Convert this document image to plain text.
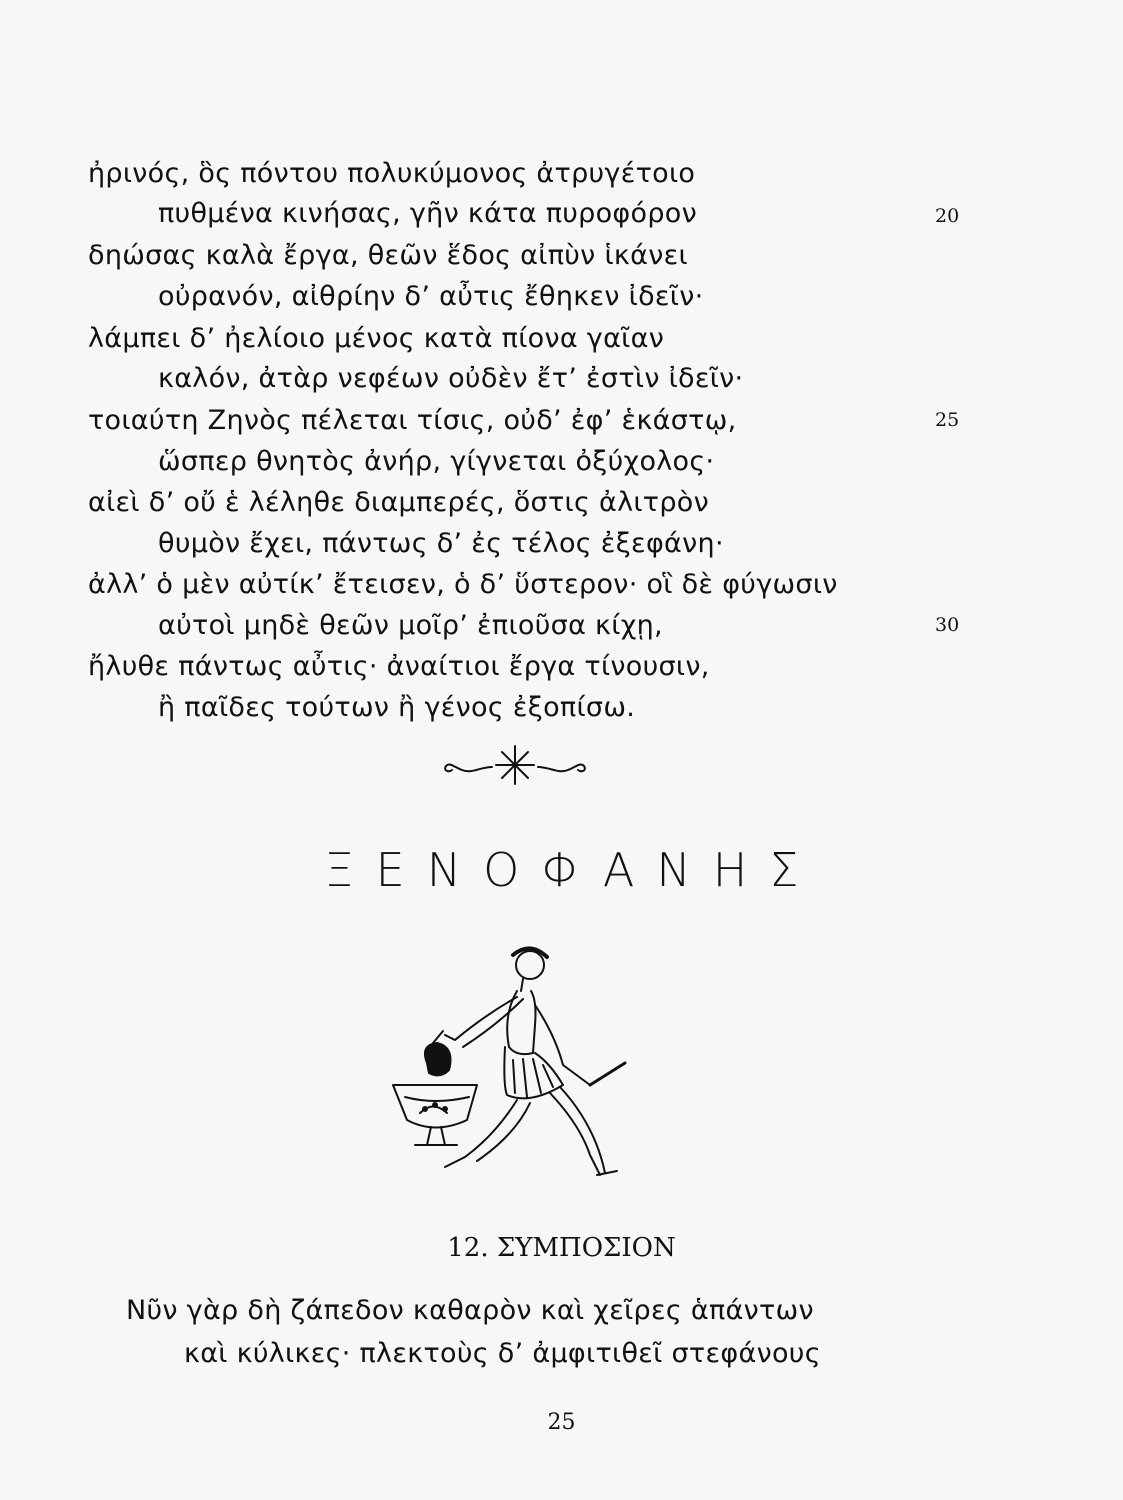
ἠρινός, ὃς πόντου πολυκύμονος ἀτρυγέτοιο
πυθμένα κινήσας, γῆν κάτα πυροφόρον
δηώσας καλὰ ἔργα, θεῶν ἕδος αἰπὺν ἱκάνει
οὐρανόν, αἰθρίην δ’ αὖτις ἔθηκεν ἰδεῖν·
λάμπει δ’ ἠελίοιο μένος κατὰ πίονα γαῖαν
καλόν, ἀτὰρ νεφέων οὐδὲν ἔτ’ ἐστὶν ἰδεῖν·
τοιαύτη Ζηνὸς πέλεται τίσις, οὐδ’ ἐφ’ ἑκάστῳ,
ὥσπερ θνητὸς ἀνήρ, γίγνεται ὀξύχολος·
αἰεὶ δ’ οὔ ἑ λέληθε διαμπερές, ὅστις ἀλιτρὸν
θυμὸν ἔχει, πάντως δ’ ἐς τέλος ἐξεφάνη·
ἀλλ’ ὁ μὲν αὐτίκ’ ἔτεισεν, ὁ δ’ ὕστερον· οἳ δὲ φύγωσιν
αὐτοὶ μηδὲ θεῶν μοῖρ’ ἐπιοῦσα κίχῃ,
ἤλυθε πάντως αὖτις· ἀναίτιοι ἔργα τίνουσιν,
ἢ παῖδες τούτων ἢ γένος ἐξοπίσω.
20
25
30
ΞΕΝΟΦΑΝΗΣ
12. ΣΥΜΠΟΣΙΟΝ
Νῦν γὰρ δὴ ζάπεδον καθαρὸν καὶ χεῖρες ἁπάντων
καὶ κύλικες· πλεκτοὺς δ’ ἀμφιτιθεῖ στεφάνους
25
